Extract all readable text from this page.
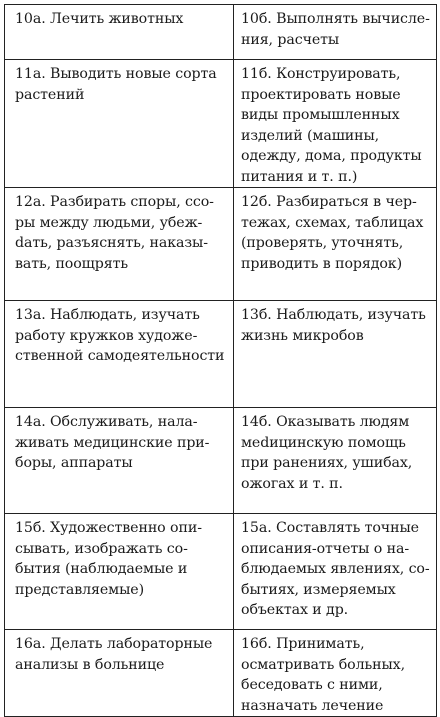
10а. Лечить животных	10б. Выполнять вычисления, расчеты
11а. Выводить новые сорта растений	11б. Конструировать, проектировать новые виды промышленных изделий (машины, одежду, дома, продукты питания и т. п.)
12а. Разбирать споры, ссоры между людьми, убежdать, разъяснять, наказывать, поощрять	12б. Разбираться в чертежах, схемах, таблицах (проверять, уточнять, приводить в порядок)
13а. Наблюдать, изучать работу кружков художественной самодеятельности	13б. Наблюдать, изучать жизнь микробов
14а. Обслуживать, налаживать медицинские приборы, аппараты	14б. Оказывать людям меdицинскую помощь при ранениях, ушибах, ожогах и т. п.
15б. Художественно описывать, изображать события (наблюдаемые и представляемые)	15а. Составлять точные описания-отчеты о наблюдаемых явлениях, событиях, измеряемых объектах и др.
16а. Делать лабораторные анализы в больнице	16б. Принимать, осматривать больных, беседовать с ними, назначать лечение
